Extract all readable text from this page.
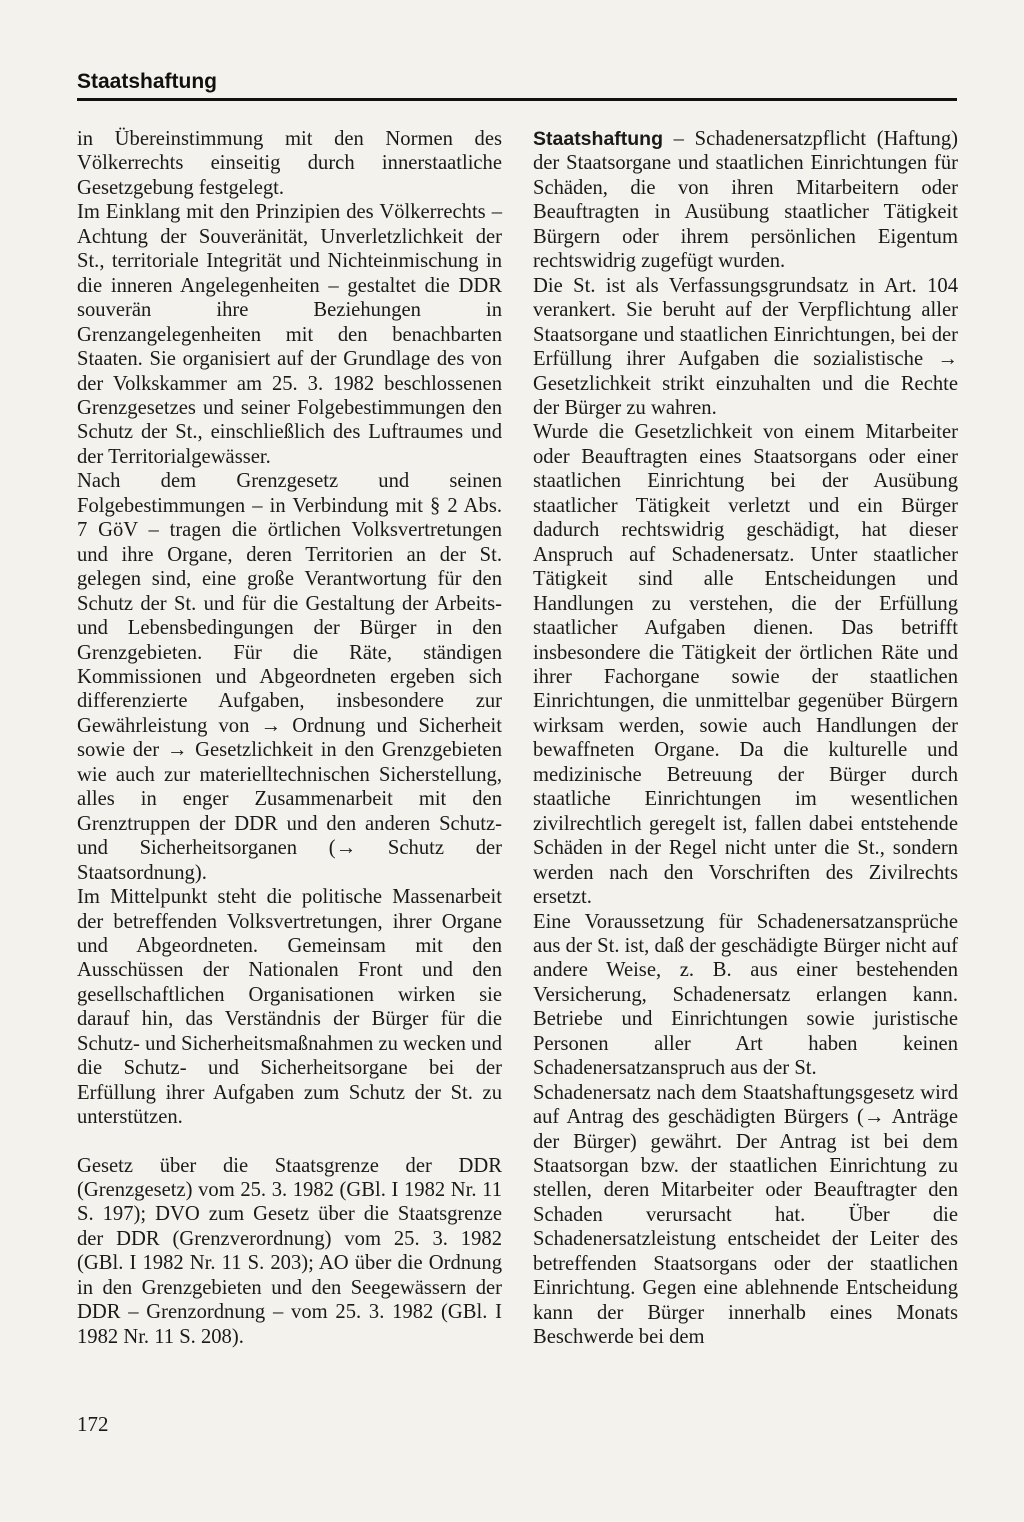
Staatshaftung

in Übereinstimmung mit den Normen des Völkerrechts einseitig durch innerstaatliche Gesetzgebung festgelegt.

Im Einklang mit den Prinzipien des Völkerrechts – Achtung der Souveränität, Unverletzlichkeit der St., territoriale Integrität und Nichteinmischung in die inneren Angelegenheiten – gestaltet die DDR souverän ihre Beziehungen in Grenzangelegenheiten mit den benachbarten Staaten. Sie organisiert auf der Grundlage des von der Volkskammer am 25. 3. 1982 beschlossenen Grenzgesetzes und seiner Folgebestimmungen den Schutz der St., einschließlich des Luftraumes und der Territorialgewässer.

Nach dem Grenzgesetz und seinen Folgebestimmungen – in Verbindung mit § 2 Abs. 7 GöV – tragen die örtlichen Volksvertretungen und ihre Organe, deren Territorien an der St. gelegen sind, eine große Verantwortung für den Schutz der St. und für die Gestaltung der Arbeits- und Lebensbedingungen der Bürger in den Grenzgebieten. Für die Räte, ständigen Kommissionen und Abgeordneten ergeben sich differenzierte Aufgaben, insbesondere zur Gewährleistung von → Ordnung und Sicherheit sowie der → Gesetzlichkeit in den Grenzgebieten wie auch zur materielltechnischen Sicherstellung, alles in enger Zusammenarbeit mit den Grenztruppen der DDR und den anderen Schutz- und Sicherheitsorganen (→ Schutz der Staatsordnung).

Im Mittelpunkt steht die politische Massenarbeit der betreffenden Volksvertretungen, ihrer Organe und Abgeordneten. Gemeinsam mit den Ausschüssen der Nationalen Front und den gesellschaftlichen Organisationen wirken sie darauf hin, das Verständnis der Bürger für die Schutz- und Sicherheitsmaßnahmen zu wecken und die Schutz- und Sicherheitsorgane bei der Erfüllung ihrer Aufgaben zum Schutz der St. zu unterstützen.

Gesetz über die Staatsgrenze der DDR (Grenzgesetz) vom 25. 3. 1982 (GBl. I 1982 Nr. 11 S. 197); DVO zum Gesetz über die Staatsgrenze der DDR (Grenzverordnung) vom 25. 3. 1982 (GBl. I 1982 Nr. 11 S. 203); AO über die Ordnung in den Grenzgebieten und den Seegewässern der DDR – Grenzordnung – vom 25. 3. 1982 (GBl. I 1982 Nr. 11 S. 208).

Staatshaftung – Schadenersatzpflicht (Haftung) der Staatsorgane und staatlichen Einrichtungen für Schäden, die von ihren Mitarbeitern oder Beauftragten in Ausübung staatlicher Tätigkeit Bürgern oder ihrem persönlichen Eigentum rechtswidrig zugefügt wurden.

Die St. ist als Verfassungsgrundsatz in Art. 104 verankert. Sie beruht auf der Verpflichtung aller Staatsorgane und staatlichen Einrichtungen, bei der Erfüllung ihrer Aufgaben die sozialistische → Gesetzlichkeit strikt einzuhalten und die Rechte der Bürger zu wahren.

Wurde die Gesetzlichkeit von einem Mitarbeiter oder Beauftragten eines Staatsorgans oder einer staatlichen Einrichtung bei der Ausübung staatlicher Tätigkeit verletzt und ein Bürger dadurch rechtswidrig geschädigt, hat dieser Anspruch auf Schadenersatz. Unter staatlicher Tätigkeit sind alle Entscheidungen und Handlungen zu verstehen, die der Erfüllung staatlicher Aufgaben dienen. Das betrifft insbesondere die Tätigkeit der örtlichen Räte und ihrer Fachorgane sowie der staatlichen Einrichtungen, die unmittelbar gegenüber Bürgern wirksam werden, sowie auch Handlungen der bewaffneten Organe. Da die kulturelle und medizinische Betreuung der Bürger durch staatliche Einrichtungen im wesentlichen zivilrechtlich geregelt ist, fallen dabei entstehende Schäden in der Regel nicht unter die St., sondern werden nach den Vorschriften des Zivilrechts ersetzt.

Eine Voraussetzung für Schadenersatzansprüche aus der St. ist, daß der geschädigte Bürger nicht auf andere Weise, z. B. aus einer bestehenden Versicherung, Schadenersatz erlangen kann. Betriebe und Einrichtungen sowie juristische Personen aller Art haben keinen Schadenersatzanspruch aus der St.

Schadenersatz nach dem Staatshaftungsgesetz wird auf Antrag des geschädigten Bürgers (→ Anträge der Bürger) gewährt. Der Antrag ist bei dem Staatsorgan bzw. der staatlichen Einrichtung zu stellen, deren Mitarbeiter oder Beauftragter den Schaden verursacht hat. Über die Schadenersatzleistung entscheidet der Leiter des betreffenden Staatsorgans oder der staatlichen Einrichtung. Gegen eine ablehnende Entscheidung kann der Bürger innerhalb eines Monats Beschwerde bei dem

172
